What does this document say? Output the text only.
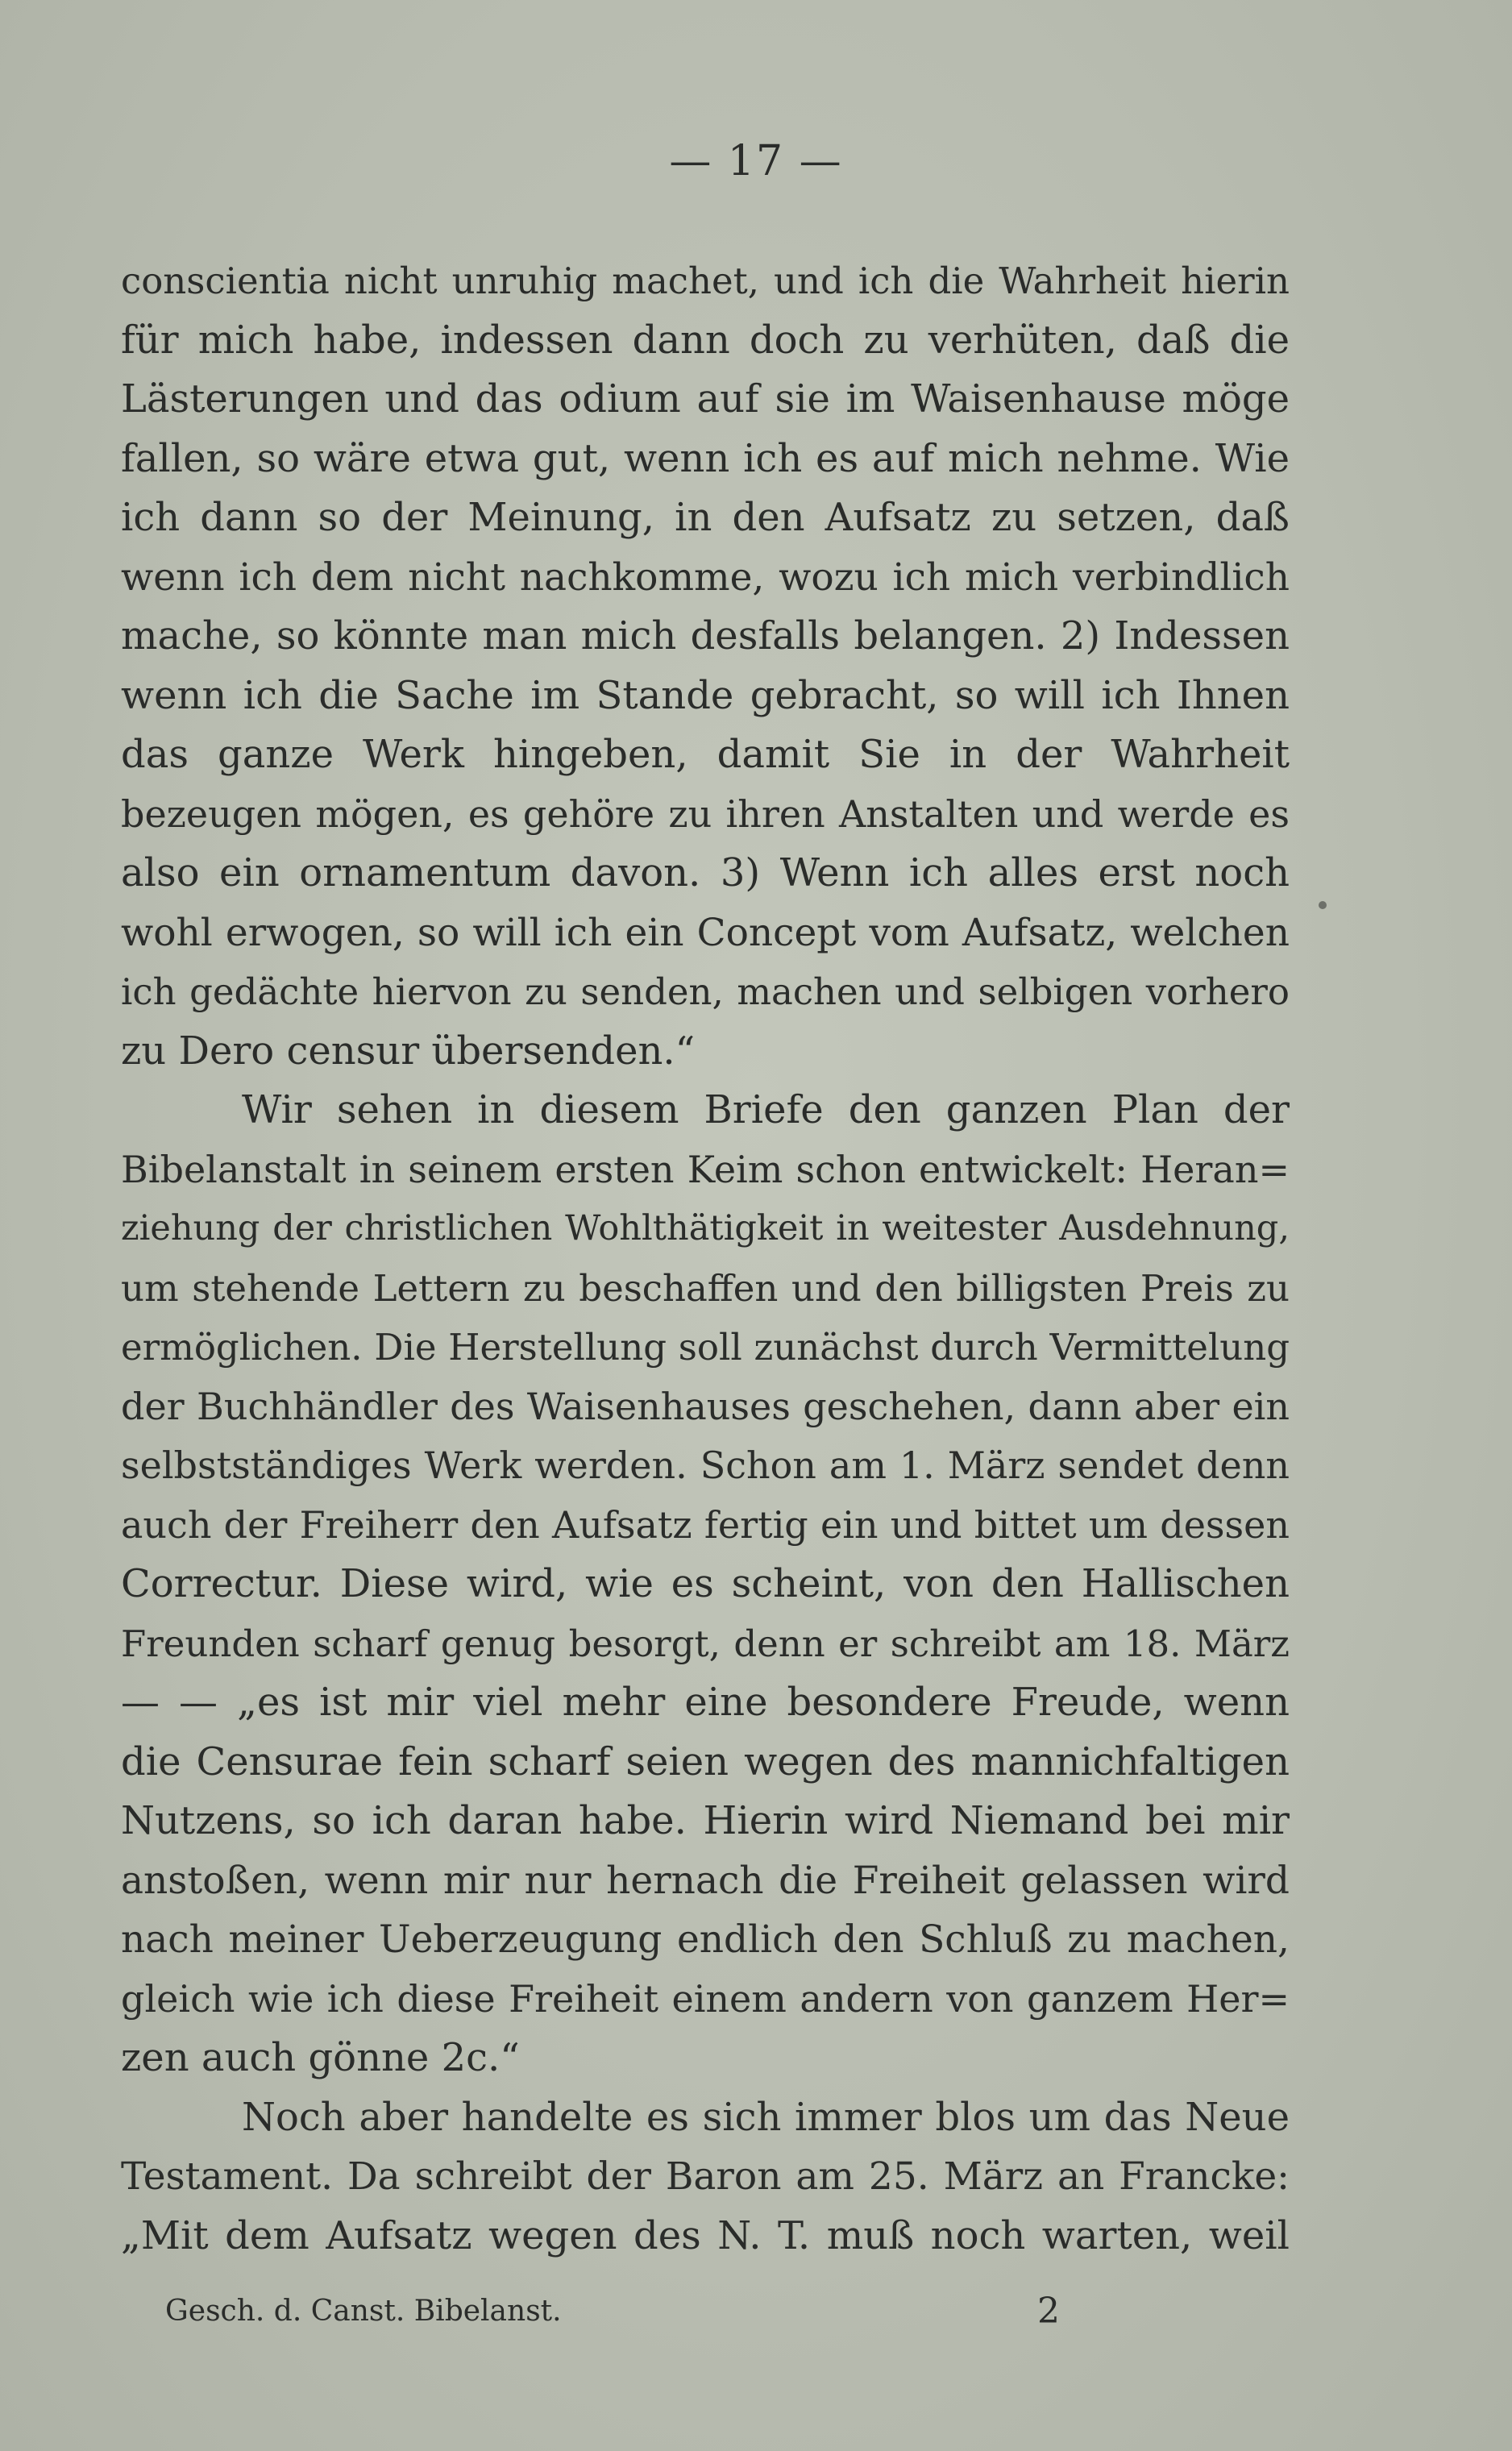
— 17 —
conscientia nicht unruhig machet, und ich die Wahrheit hierin
für mich habe, indessen dann doch zu verhüten, daß die
Lästerungen und das odium auf sie im Waisenhause möge
fallen, so wäre etwa gut, wenn ich es auf mich nehme. Wie
ich dann so der Meinung, in den Aufsatz zu setzen, daß
wenn ich dem nicht nachkomme, wozu ich mich verbindlich
mache, so könnte man mich desfalls belangen. 2) Indessen
wenn ich die Sache im Stande gebracht, so will ich Ihnen
das ganze Werk hingeben, damit Sie in der Wahrheit
bezeugen mögen, es gehöre zu ihren Anstalten und werde es
also ein ornamentum davon. 3) Wenn ich alles erst noch
wohl erwogen, so will ich ein Concept vom Aufsatz, welchen
ich gedächte hiervon zu senden, machen und selbigen vorhero
zu Dero censur übersenden.“
Wir sehen in diesem Briefe den ganzen Plan der
Bibelanstalt in seinem ersten Keim schon entwickelt: Heran=
ziehung der christlichen Wohlthätigkeit in weitester Ausdehnung,
um stehende Lettern zu beschaffen und den billigsten Preis zu
ermöglichen. Die Herstellung soll zunächst durch Vermittelung
der Buchhändler des Waisenhauses geschehen, dann aber ein
selbstständiges Werk werden. Schon am 1. März sendet denn
auch der Freiherr den Aufsatz fertig ein und bittet um dessen
Correctur. Diese wird, wie es scheint, von den Hallischen
Freunden scharf genug besorgt, denn er schreibt am 18. März
— — „es ist mir viel mehr eine besondere Freude, wenn
die Censurae fein scharf seien wegen des mannichfaltigen
Nutzens, so ich daran habe. Hierin wird Niemand bei mir
anstoßen, wenn mir nur hernach die Freiheit gelassen wird
nach meiner Ueberzeugung endlich den Schluß zu machen,
gleich wie ich diese Freiheit einem andern von ganzem Her=
zen auch gönne 2c.“
Noch aber handelte es sich immer blos um das Neue
Testament. Da schreibt der Baron am 25. März an Francke:
„Mit dem Aufsatz wegen des N. T. muß noch warten, weil
Gesch. d. Canst. Bibelanst.	2
